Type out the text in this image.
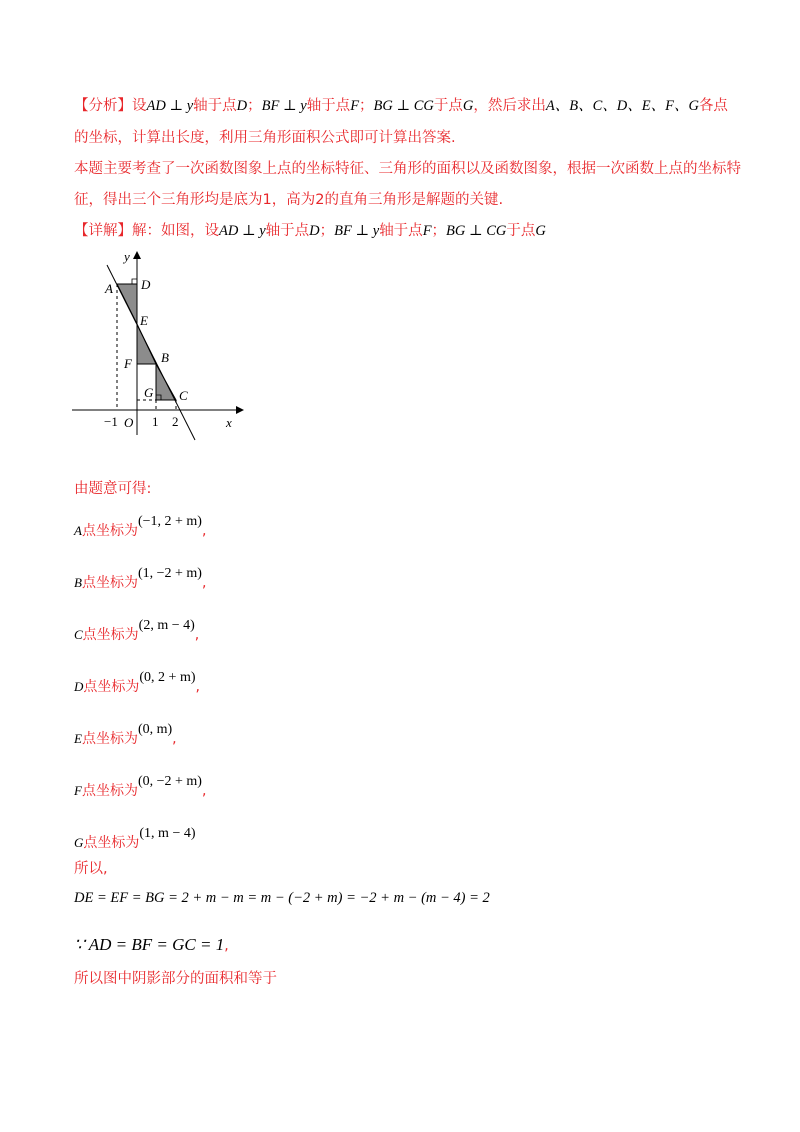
【分析】设AD ⊥ y轴于点D；BF ⊥ y轴于点F；BG ⊥ CG于点G，然后求出A、B、C、D、E、F、G各点
的坐标，计算出长度，利用三角形面积公式即可计算出答案.
本题主要考查了一次函数图象上点的坐标特征、三角形的面积以及函数图象，根据一次函数上点的坐标特
征，得出三个三角形均是底为1，高为2的直角三角形是解题的关键.
【详解】解：如图，设AD ⊥ y轴于点D；BF ⊥ y轴于点F；BG ⊥ CG于点G
y
A D
E
B
F
G C
−1 O 1 2	x
由题意可得:
A点坐标为(−1, 2 + m),
B点坐标为(1, −2 + m),
C点坐标为(2, m − 4),
D点坐标为(0, 2 + m),
E点坐标为(0, m),
F点坐标为(0, −2 + m),
G点坐标为(1, m − 4)
所以,
DE = EF = BG = 2 + m − m = m − (−2 + m) = −2 + m − (m − 4) = 2
∵ AD = BF = GC = 1,
所以图中阴影部分的面积和等于
